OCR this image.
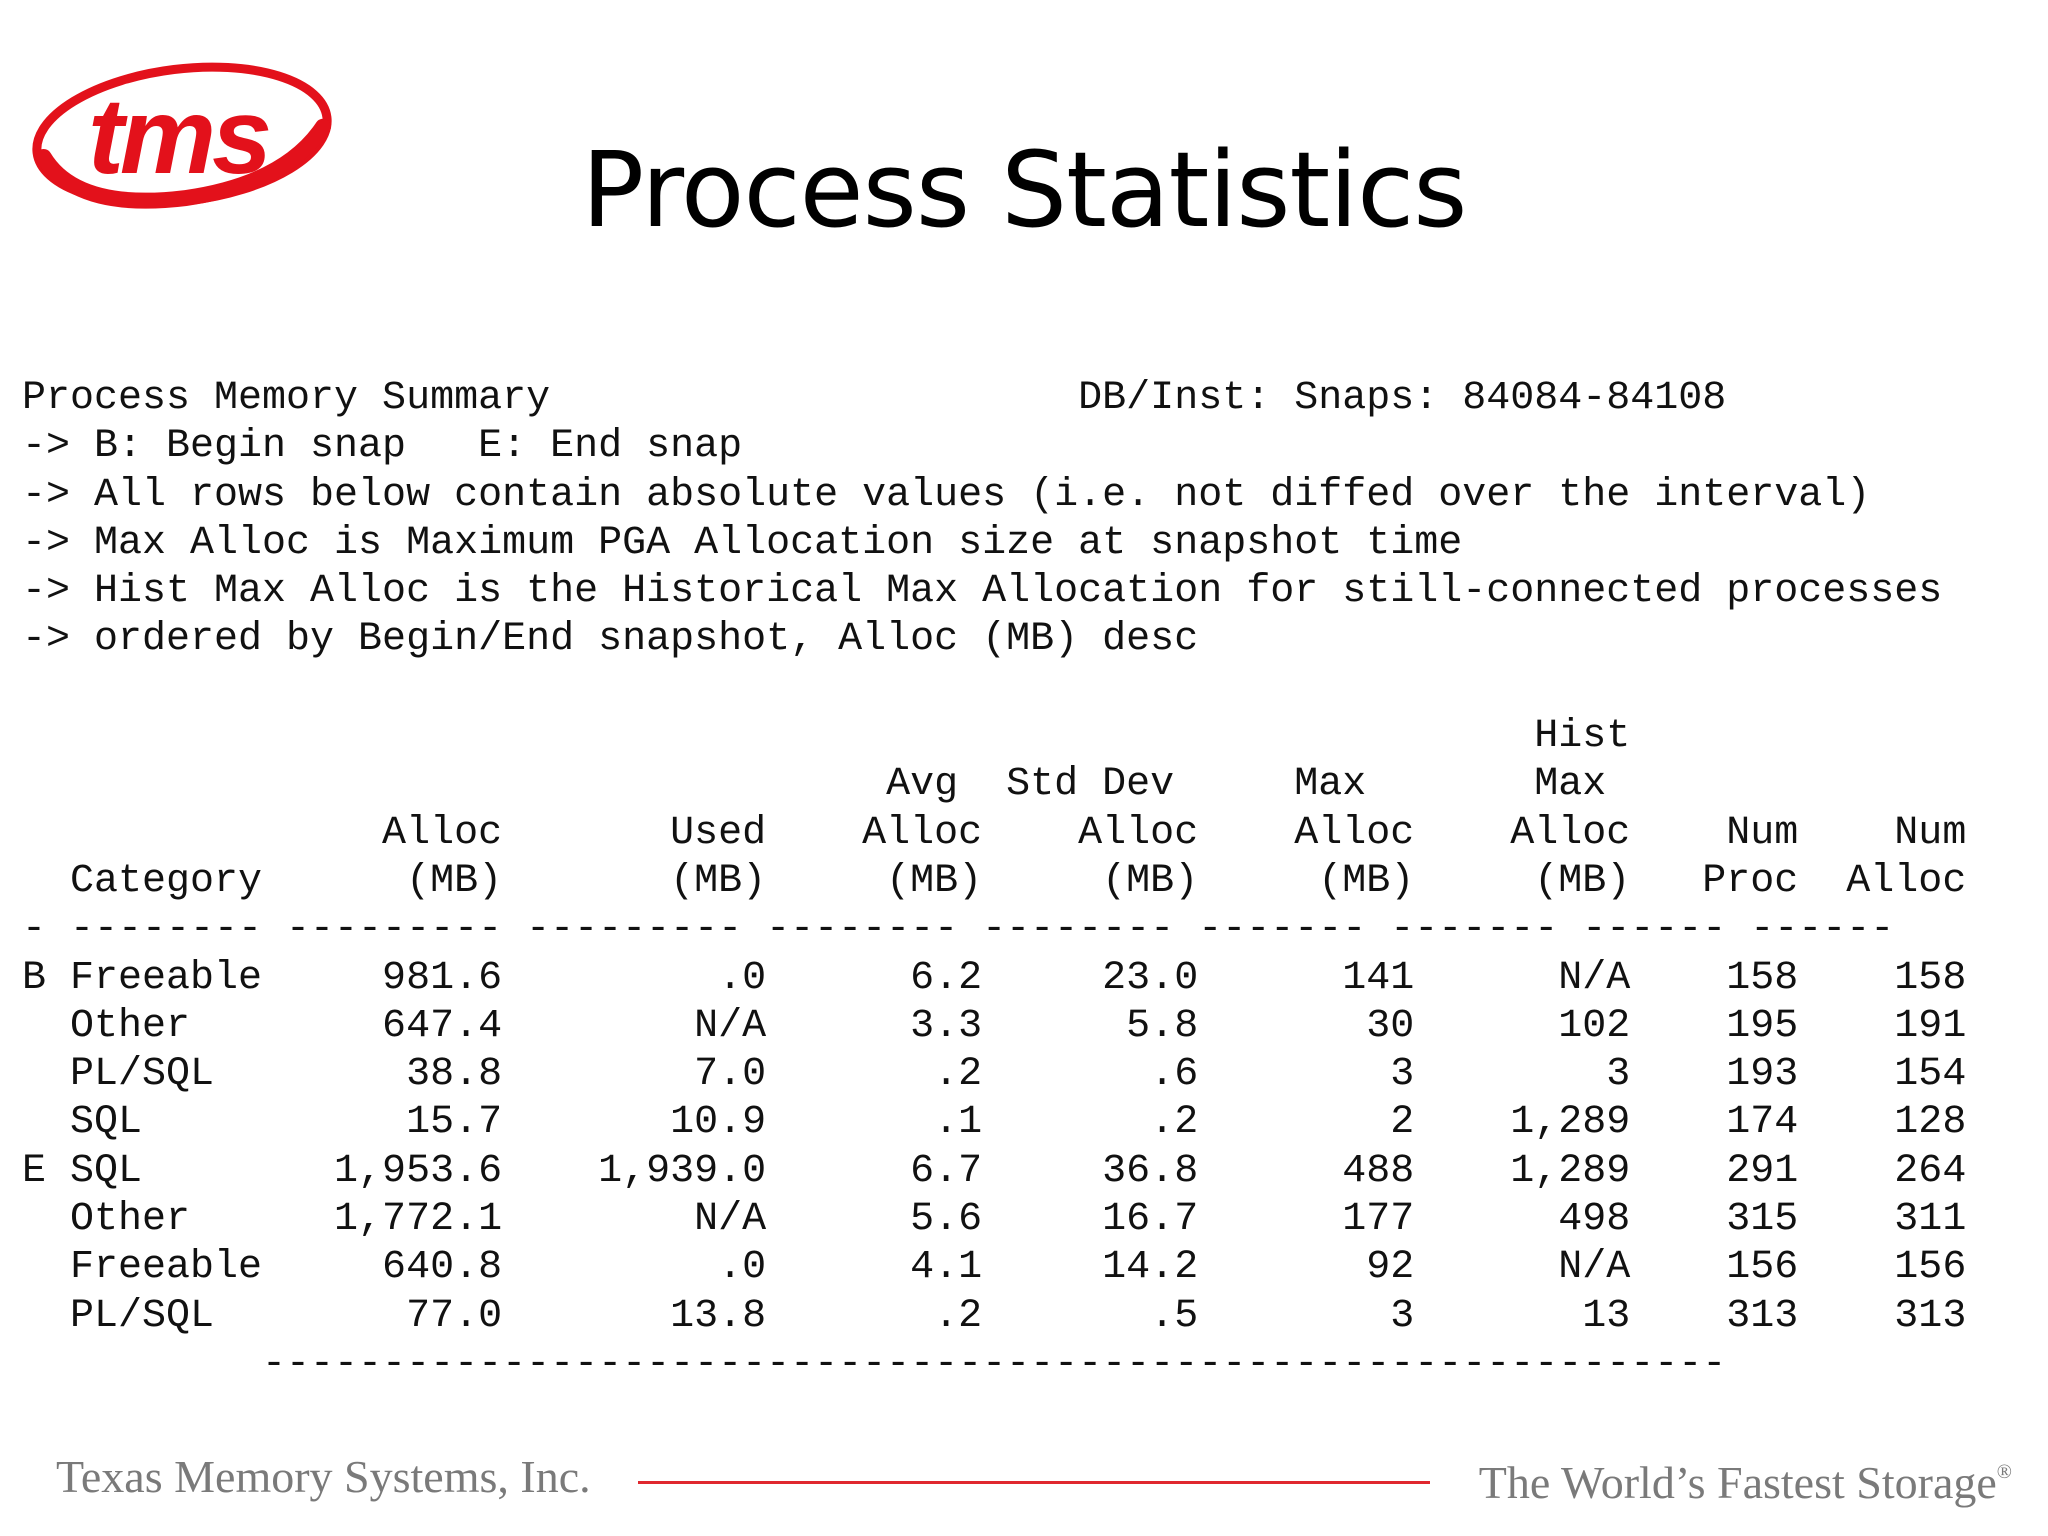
tms	Process Statistics
Process Memory Summary                      DB/Inst: Snaps: 84084-84108
-> B: Begin snap   E: End snap
-> All rows below contain absolute values (i.e. not diffed over the interval)
-> Max Alloc is Maximum PGA Allocation size at snapshot time
-> Hist Max Alloc is the Historical Max Allocation for still-connected processes
-> ordered by Begin/End snapshot, Alloc (MB) desc
Hist
Avg  Std Dev     Max       Max
Alloc       Used    Alloc    Alloc    Alloc    Alloc    Num    Num
Category      (MB)       (MB)     (MB)     (MB)     (MB)     (MB)   Proc  Alloc
- -------- --------- --------- -------- -------- ------- ------- ------ ------
B Freeable     981.6         .0      6.2     23.0      141      N/A    158    158
Other        647.4        N/A      3.3      5.8       30      102    195    191
PL/SQL        38.8        7.0       .2       .6        3        3    193    154
SQL           15.7       10.9       .1       .2        2    1,289    174    128
E SQL        1,953.6    1,939.0      6.7     36.8      488    1,289    291    264
Other      1,772.1        N/A      5.6     16.7      177      498    315    311
Freeable     640.8         .0      4.1     14.2       92      N/A    156    156
PL/SQL        77.0       13.8       .2       .5        3       13    313    313
-------------------------------------------------------------
Texas Memory Systems, Inc.	The World’s Fastest Storage®
